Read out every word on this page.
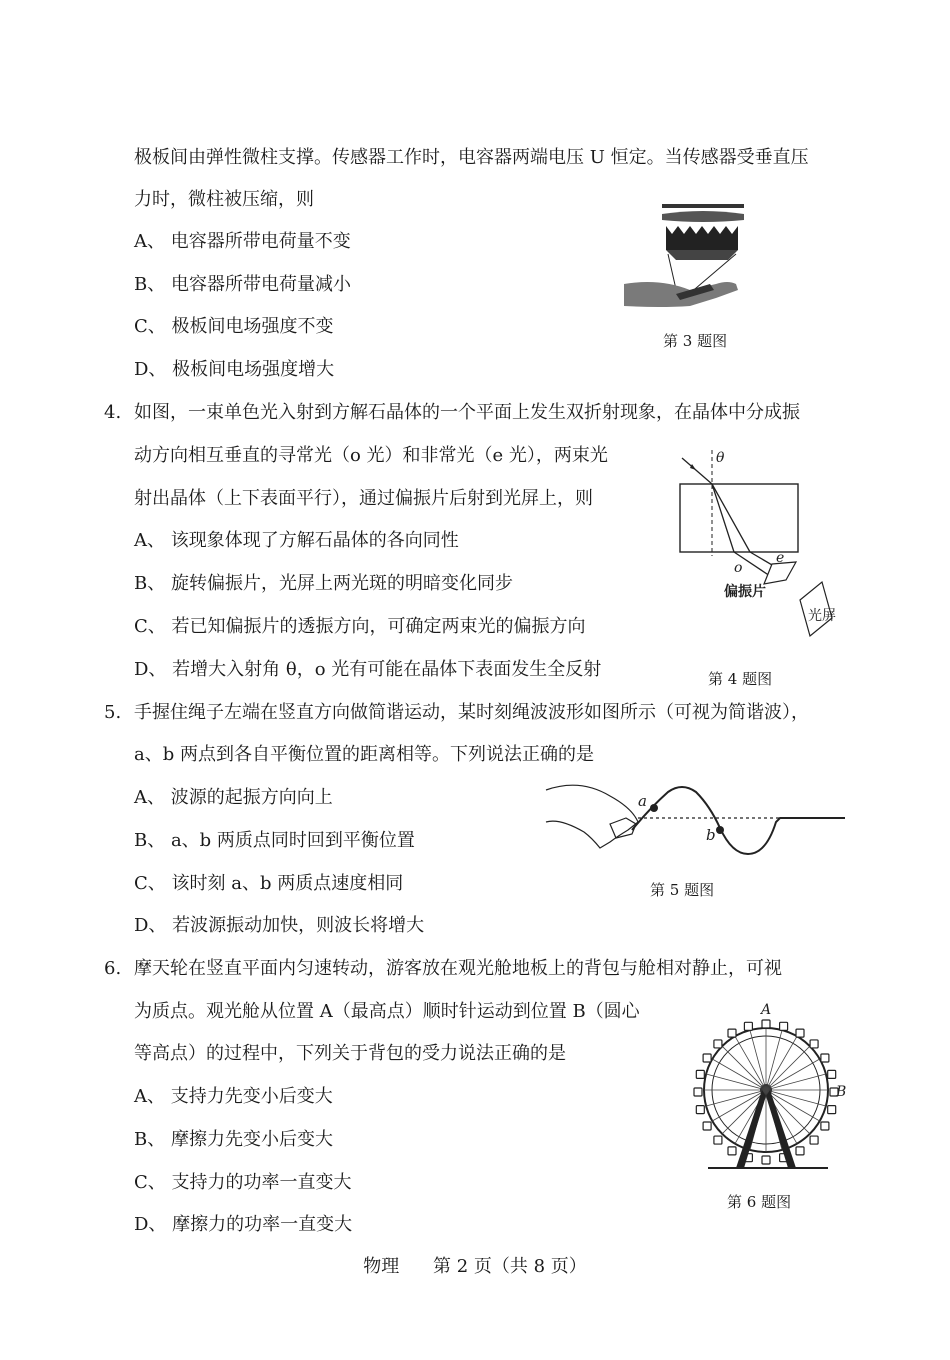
极板间由弹性微柱支撑。传感器工作时，电容器两端电压 U 恒定。当传感器受垂直压
力时，微柱被压缩，则
A、 电容器所带电荷量不变
B、 电容器所带电荷量减小
C、 极板间电场强度不变
D、 极板间电场强度增大
第 3 题图
4. 如图，一束单色光入射到方解石晶体的一个平面上发生双折射现象，在晶体中分成振
动方向相互垂直的寻常光（o 光）和非常光（e 光），两束光
射出晶体（上下表面平行），通过偏振片后射到光屏上，则
A、 该现象体现了方解石晶体的各向同性
B、 旋转偏振片，光屏上两光斑的明暗变化同步
C、 若已知偏振片的透振方向，可确定两束光的偏振方向
D、 若增大入射角 θ，o 光有可能在晶体下表面发生全反射
θ
o
e
偏振片
光屏
第 4 题图
5. 手握住绳子左端在竖直方向做简谐运动，某时刻绳波波形如图所示（可视为简谐波），
a、b 两点到各自平衡位置的距离相等。下列说法正确的是
A、 波源的起振方向向上
B、 a、b 两质点同时回到平衡位置
C、 该时刻 a、b 两质点速度相同
D、 若波源振动加快，则波长将增大
a
b
第 5 题图
6. 摩天轮在竖直平面内匀速转动，游客放在观光舱地板上的背包与舱相对静止，可视
为质点。观光舱从位置 A（最高点）顺时针运动到位置 B（圆心
等高点）的过程中，下列关于背包的受力说法正确的是
A、 支持力先变小后变大
B、 摩擦力先变小后变大
C、 支持力的功率一直变大
D、 摩擦力的功率一直变大
A
B
第 6 题图
物理 第 2 页（共 8 页）
